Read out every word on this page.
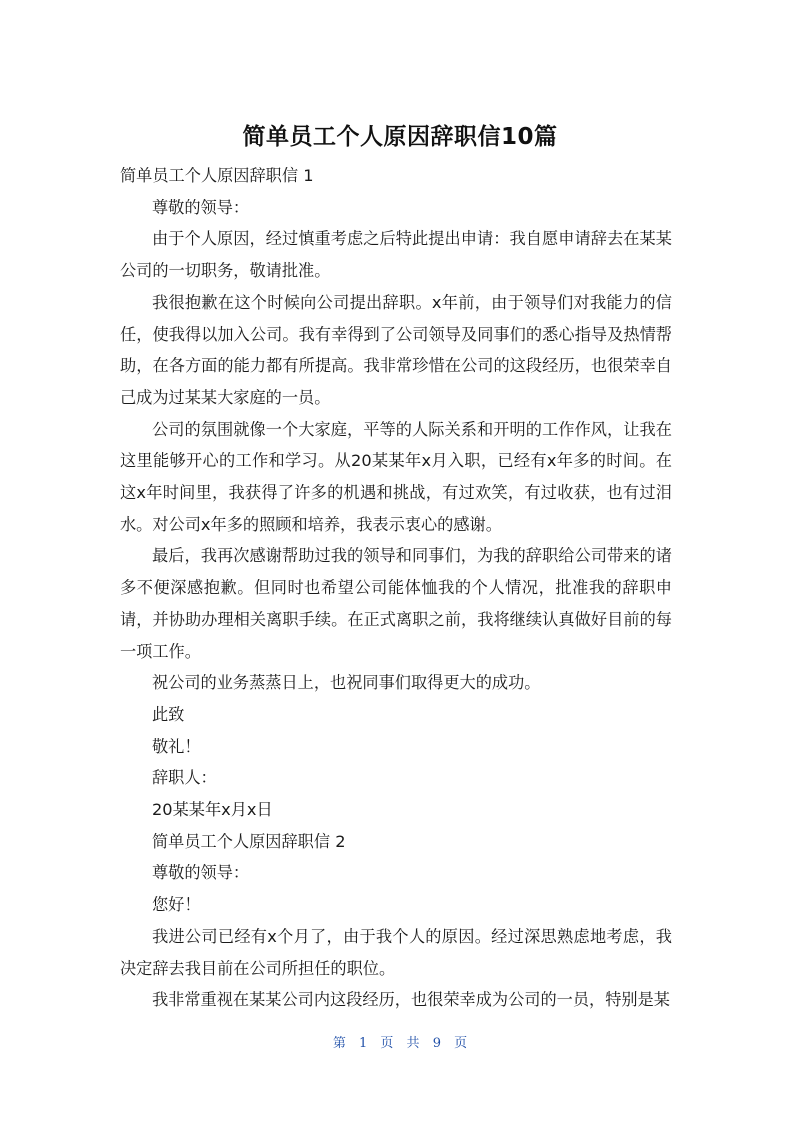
简单员工个人原因辞职信10篇

简单员工个人原因辞职信 1

尊敬的领导：

由于个人原因，经过慎重考虑之后特此提出申请：我自愿申请辞去在某某公司的一切职务，敬请批准。

我很抱歉在这个时候向公司提出辞职。x年前，由于领导们对我能力的信任，使我得以加入公司。我有幸得到了公司领导及同事们的悉心指导及热情帮助，在各方面的能力都有所提高。我非常珍惜在公司的这段经历，也很荣幸自己成为过某某大家庭的一员。

公司的氛围就像一个大家庭，平等的人际关系和开明的工作作风，让我在这里能够开心的工作和学习。从20某某年x月入职，已经有x年多的时间。在这x年时间里，我获得了许多的机遇和挑战，有过欢笑，有过收获，也有过泪水。对公司x年多的照顾和培养，我表示衷心的感谢。

最后，我再次感谢帮助过我的领导和同事们，为我的辞职给公司带来的诸多不便深感抱歉。但同时也希望公司能体恤我的个人情况，批准我的辞职申请，并协助办理相关离职手续。在正式离职之前，我将继续认真做好目前的每一项工作。

祝公司的业务蒸蒸日上，也祝同事们取得更大的成功。

此致

敬礼！

辞职人：

20某某年x月x日

简单员工个人原因辞职信 2

尊敬的领导：

您好！

我进公司已经有x个月了，由于我个人的原因。经过深思熟虑地考虑，我决定辞去我目前在公司所担任的职位。

我非常重视在某某公司内这段经历，也很荣幸成为公司的一员，特别是某

第 1 页 共 9 页
